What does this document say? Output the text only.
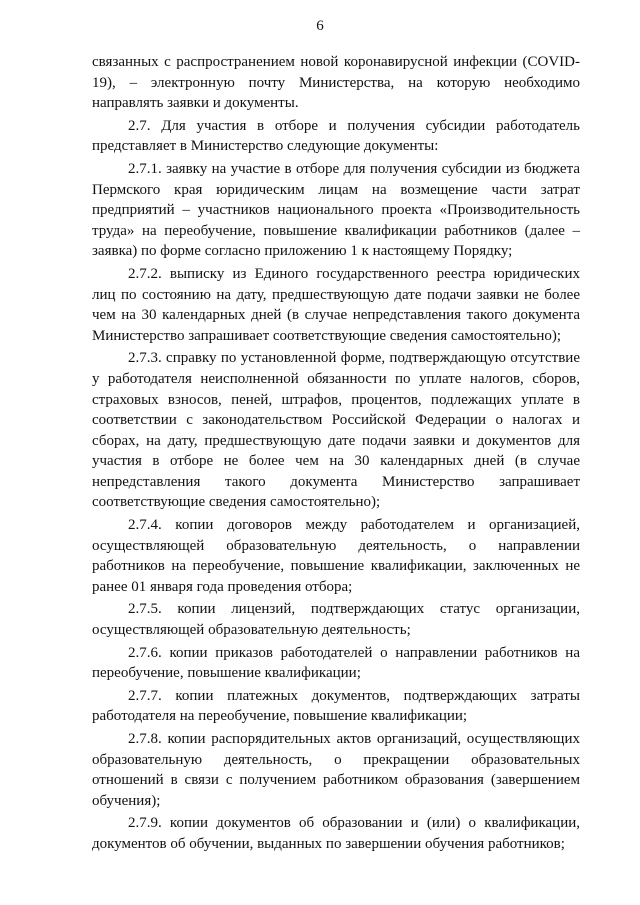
6

связанных с распространением новой коронавирусной инфекции (COVID-19), – электронную почту Министерства, на которую необходимо направлять заявки и документы.

2.7. Для участия в отборе и получения субсидии работодатель представляет в Министерство следующие документы:

2.7.1. заявку на участие в отборе для получения субсидии из бюджета Пермского края юридическим лицам на возмещение части затрат предприятий – участников национального проекта «Производительность труда» на переобучение, повышение квалификации работников (далее – заявка) по форме согласно приложению 1 к настоящему Порядку;

2.7.2. выписку из Единого государственного реестра юридических лиц по состоянию на дату, предшествующую дате подачи заявки не более чем на 30 календарных дней (в случае непредставления такого документа Министерство запрашивает соответствующие сведения самостоятельно);

2.7.3. справку по установленной форме, подтверждающую отсутствие у работодателя неисполненной обязанности по уплате налогов, сборов, страховых взносов, пеней, штрафов, процентов, подлежащих уплате в соответствии с законодательством Российской Федерации о налогах и сборах, на дату, предшествующую дате подачи заявки и документов для участия в отборе не более чем на 30 календарных дней (в случае непредставления такого документа Министерство запрашивает соответствующие сведения самостоятельно);

2.7.4. копии договоров между работодателем и организацией, осуществляющей образовательную деятельность, о направлении работников на переобучение, повышение квалификации, заключенных не ранее 01 января года проведения отбора;

2.7.5. копии лицензий, подтверждающих статус организации, осуществляющей образовательную деятельность;

2.7.6. копии приказов работодателей о направлении работников на переобучение, повышение квалификации;

2.7.7. копии платежных документов, подтверждающих затраты работодателя на переобучение, повышение квалификации;

2.7.8. копии распорядительных актов организаций, осуществляющих образовательную деятельность, о прекращении образовательных отношений в связи с получением работником образования (завершением обучения);

2.7.9. копии документов об образовании и (или) о квалификации, документов об обучении, выданных по завершении обучения работников;
